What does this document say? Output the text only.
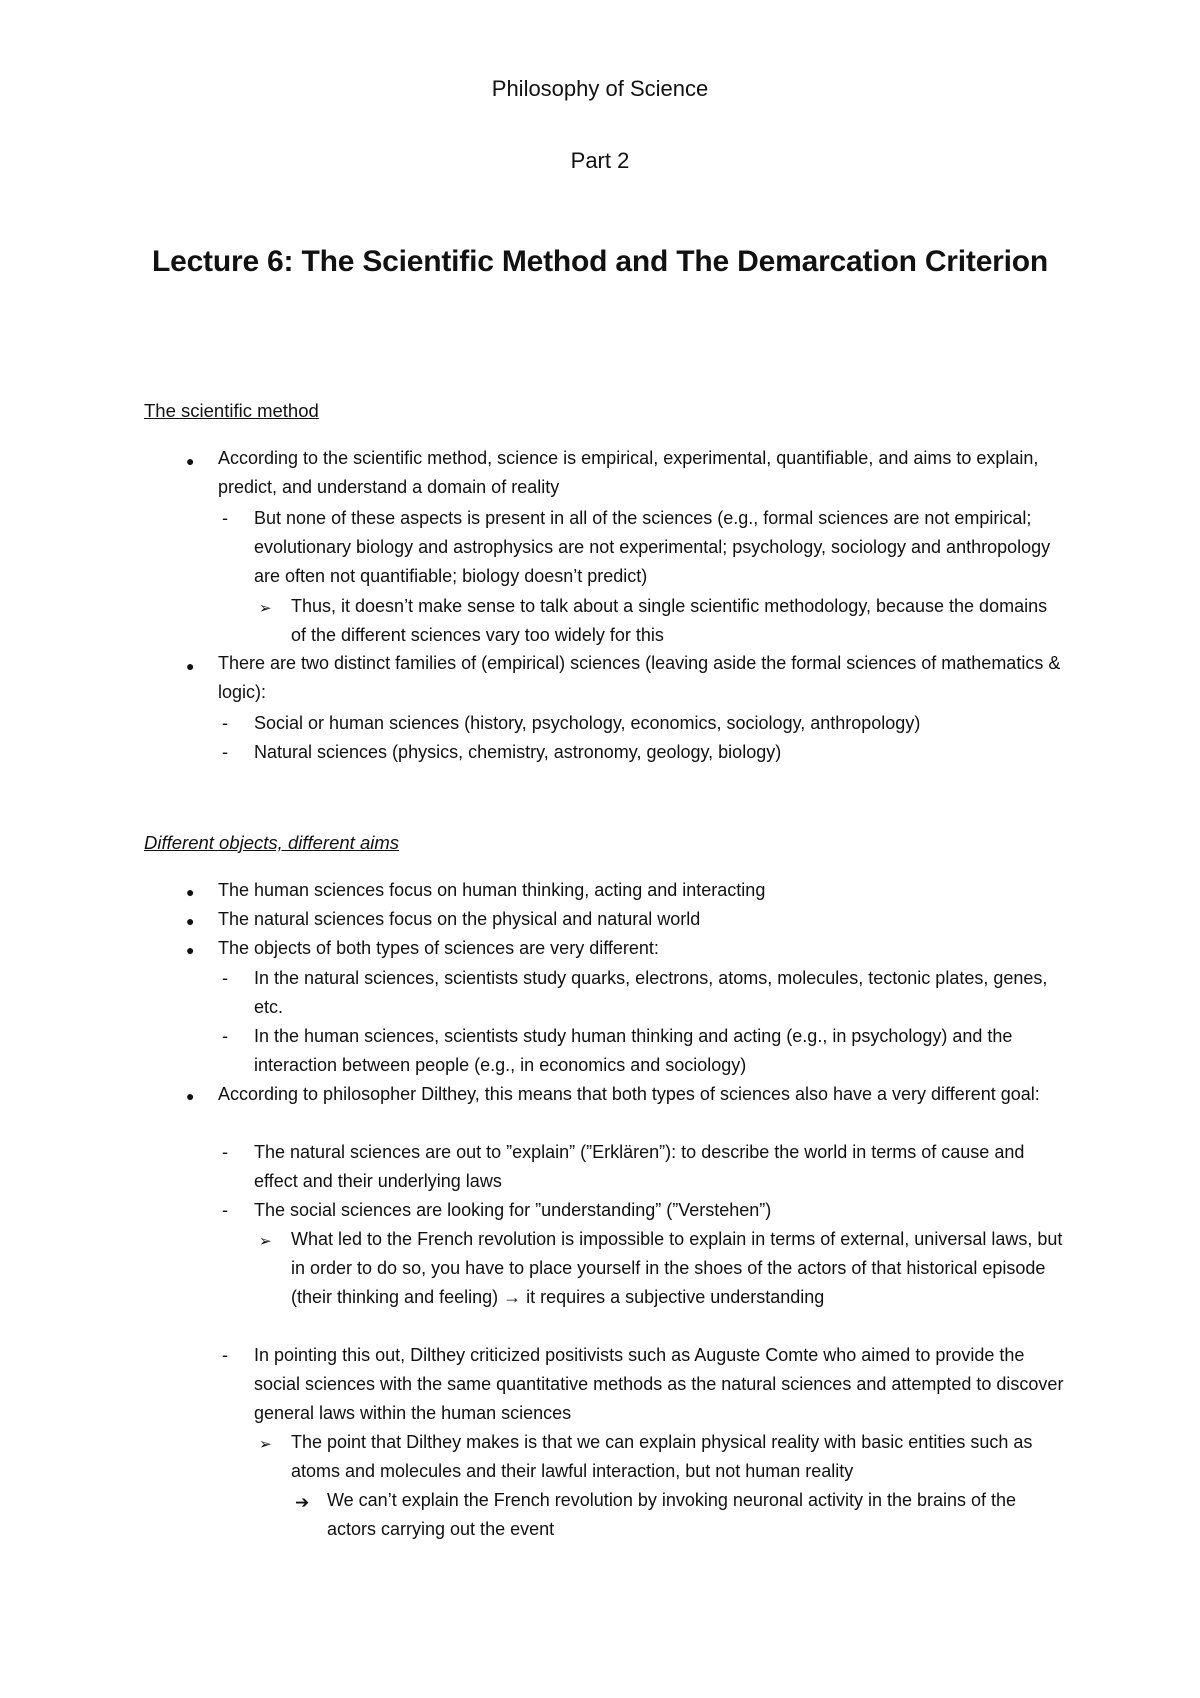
Philosophy of Science
Part 2
Lecture 6: The Scientific Method and The Demarcation Criterion
The scientific method
● According to the scientific method, science is empirical, experimental, quantifiable, and aims to explain, predict, and understand a domain of reality
- But none of these aspects is present in all of the sciences (e.g., formal sciences are not empirical; evolutionary biology and astrophysics are not experimental; psychology, sociology and anthropology are often not quantifiable; biology doesn’t predict)
➢ Thus, it doesn’t make sense to talk about a single scientific methodology, because the domains of the different sciences vary too widely for this
● There are two distinct families of (empirical) sciences (leaving aside the formal sciences of mathematics & logic):
- Social or human sciences (history, psychology, economics, sociology, anthropology)
- Natural sciences (physics, chemistry, astronomy, geology, biology)
Different objects, different aims
● The human sciences focus on human thinking, acting and interacting
● The natural sciences focus on the physical and natural world
● The objects of both types of sciences are very different:
- In the natural sciences, scientists study quarks, electrons, atoms, molecules, tectonic plates, genes, etc.
- In the human sciences, scientists study human thinking and acting (e.g., in psychology) and the interaction between people (e.g., in economics and sociology)
● According to philosopher Dilthey, this means that both types of sciences also have a very different goal:
- The natural sciences are out to ”explain” (”Erklären”): to describe the world in terms of cause and effect and their underlying laws
- The social sciences are looking for ”understanding” (”Verstehen”)
➢ What led to the French revolution is impossible to explain in terms of external, universal laws, but in order to do so, you have to place yourself in the shoes of the actors of that historical episode (their thinking and feeling) → it requires a subjective understanding
- In pointing this out, Dilthey criticized positivists such as Auguste Comte who aimed to provide the social sciences with the same quantitative methods as the natural sciences and attempted to discover general laws within the human sciences
➢ The point that Dilthey makes is that we can explain physical reality with basic entities such as atoms and molecules and their lawful interaction, but not human reality
➔ We can’t explain the French revolution by invoking neuronal activity in the brains of the actors carrying out the event
